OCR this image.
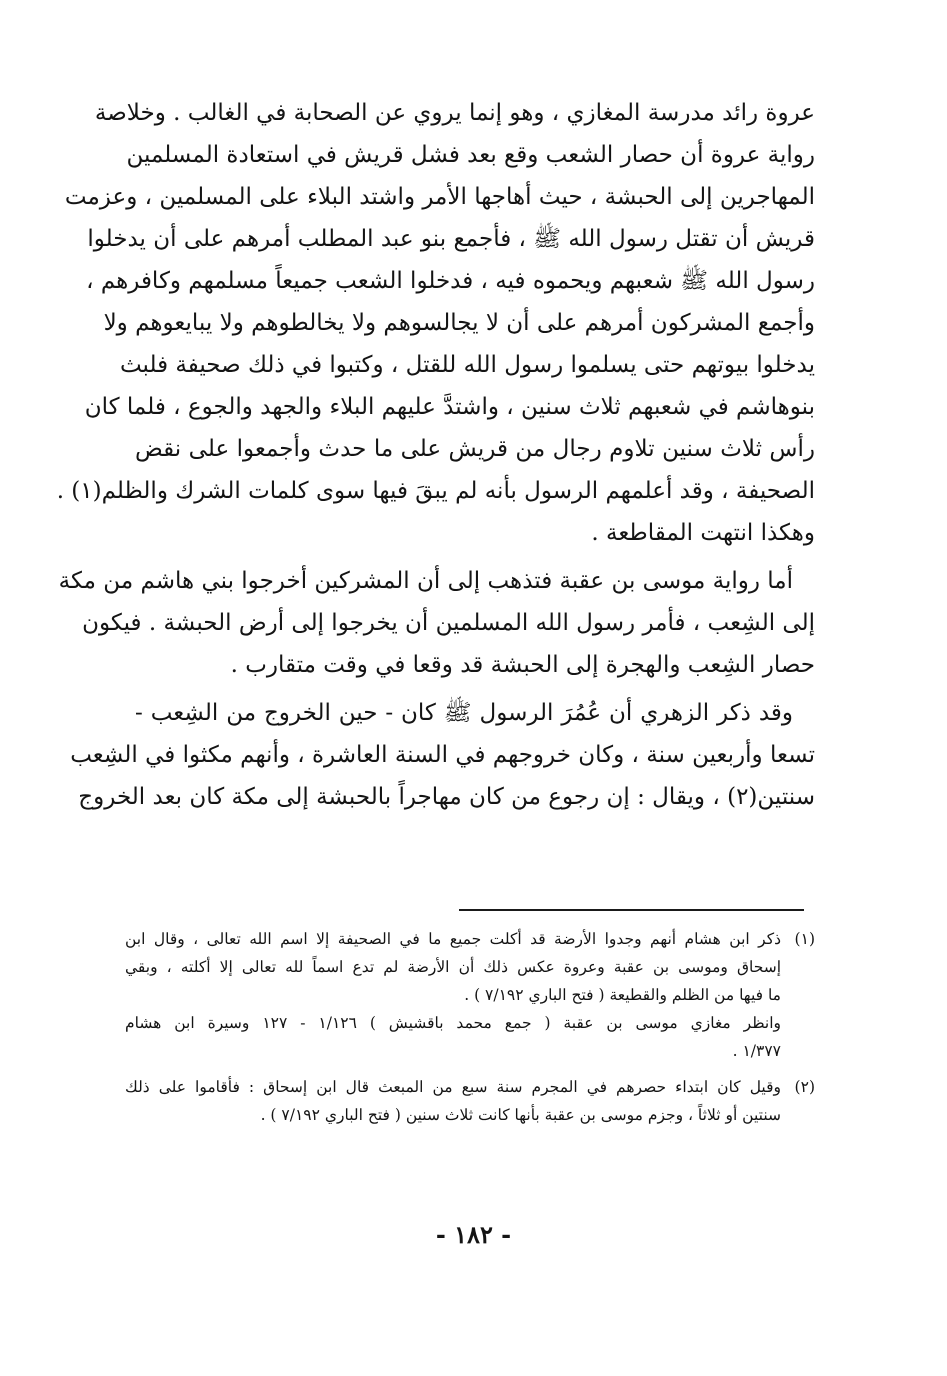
عروة رائد مدرسة المغازي ، وهو إنما يروي عن الصحابة في الغالب . وخلاصة
رواية عروة أن حصار الشعب وقع بعد فشل قريش في استعادة المسلمين
المهاجرين إلى الحبشة ، حيث أهاجها الأمر واشتد البلاء على المسلمين ، وعزمت
قريش أن تقتل رسول الله ﷺ ، فأجمع بنو عبد المطلب أمرهم على أن يدخلوا
رسول الله ﷺ شعبهم ويحموه فيه ، فدخلوا الشعب جميعاً مسلمهم وكافرهم ،
وأجمع المشركون أمرهم على أن لا يجالسوهم ولا يخالطوهم ولا يبايعوهم ولا
يدخلوا بيوتهم حتى يسلموا رسول الله للقتل ، وكتبوا في ذلك صحيفة فلبث
بنوهاشم في شعبهم ثلاث سنين ، واشتدَّ عليهم البلاء والجهد والجوع ، فلما كان
رأس ثلاث سنين تلاوم رجال من قريش على ما حدث وأجمعوا على نقض
الصحيفة ، وقد أعلمهم الرسول بأنه لم يبقَ فيها سوى كلمات الشرك والظلم(١) .
وهكذا انتهت المقاطعة .
أما رواية موسى بن عقبة فتذهب إلى أن المشركين أخرجوا بني هاشم من مكة
إلى الشِعب ، فأمر رسول الله المسلمين أن يخرجوا إلى أرض الحبشة . فيكون
حصار الشِعب والهجرة إلى الحبشة قد وقعا في وقت متقارب .
وقد ذكر الزهري أن عُمُرَ الرسول ﷺ كان - حين الخروج من الشِعب -
تسعا وأربعين سنة ، وكان خروجهم في السنة العاشرة ، وأنهم مكثوا في الشِعب
سنتين(٢) ، ويقال : إن رجوع من كان مهاجراً بالحبشة إلى مكة كان بعد الخروج
(١)ذكر ابن هشام أنهم وجدوا الأرضة قد أكلت جميع ما في الصحيفة إلا اسم الله تعالى ، وقال ابن
إسحاق وموسى بن عقبة وعروة عكس ذلك أن الأرضة لم تدع اسماً لله تعالى إلا أكلته ، وبقي
ما فيها من الظلم والقطيعة ( فتح الباري ٧/١٩٢ ) .
وانظر مغازي موسى بن عقبة ( جمع محمد باقشيش ) ١/١٢٦ - ١٢٧ وسيرة ابن هشام
١/٣٧٧ .
(٢)وقيل كان ابتداء حصرهم في المجرم سنة سبع من المبعث قال ابن إسحاق : فأقاموا على ذلك
سنتين أو ثلاثاً ، وجزم موسى بن عقبة بأنها كانت ثلاث سنين ( فتح الباري ٧/١٩٢ ) .
- ١٨٢ -
